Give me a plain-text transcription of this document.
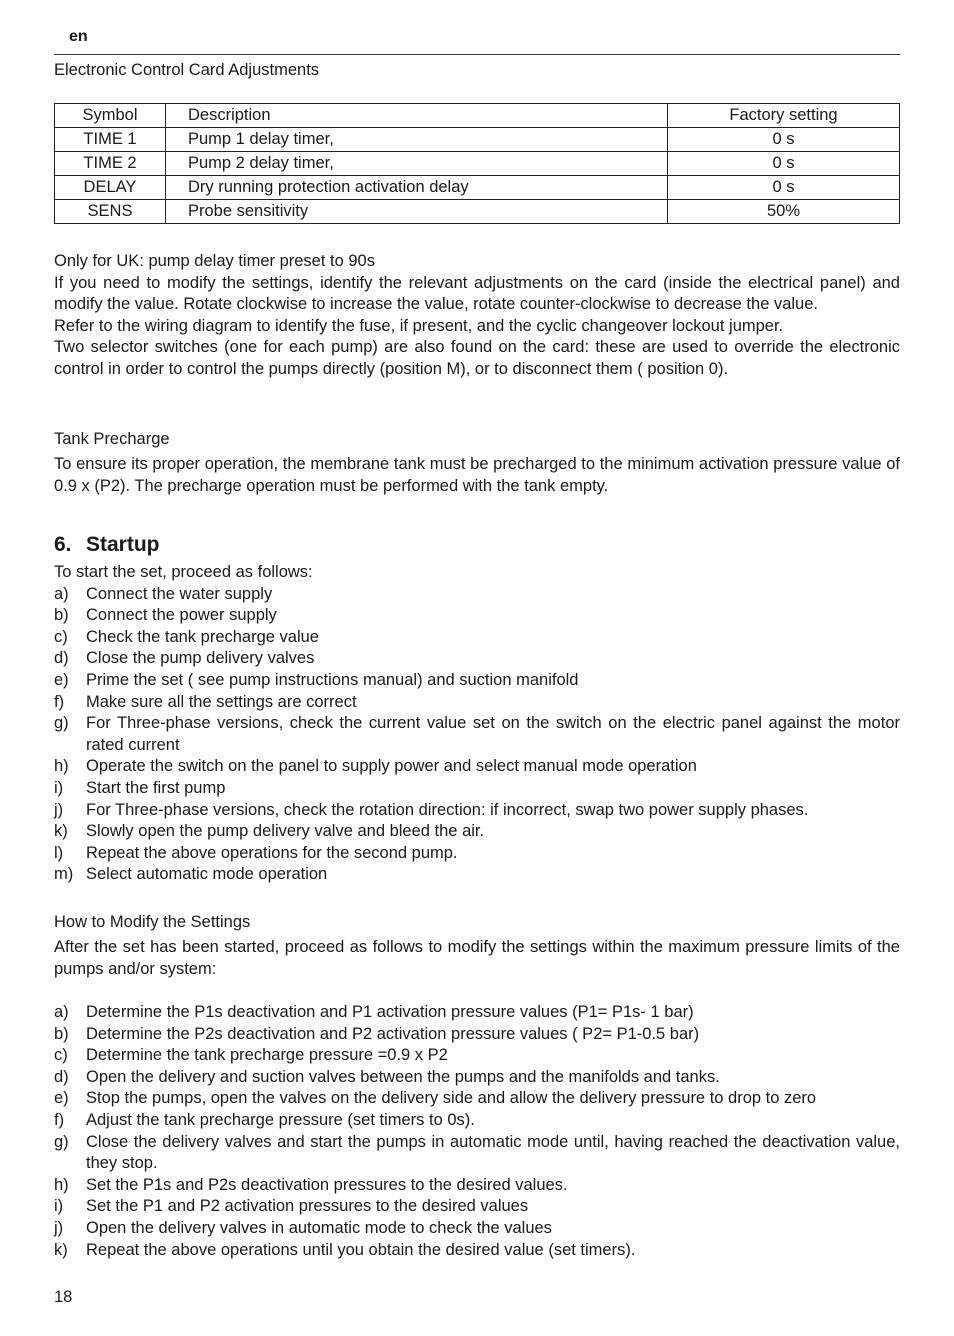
en
Electronic Control Card Adjustments
Symbol	Description	Factory setting
TIME 1	Pump 1 delay timer,	0 s
TIME 2	Pump 2 delay timer,	0 s
DELAY	Dry running protection activation delay	0 s
SENS	Probe sensitivity	50%

Only for UK: pump delay timer preset to 90s

If you need to modify the settings, identify the relevant adjustments on the card (inside the electrical panel) and modify the value. Rotate clockwise to increase the value, rotate counter-clockwise to decrease the value.

Refer to the wiring diagram to identify the fuse, if present, and the cyclic changeover lockout jumper.

Two selector switches (one for each pump) are also found on the card: these are used to override the electronic control in order to control the pumps directly (position M), or to disconnect them ( position 0).

Tank Precharge

To ensure its proper operation, the membrane tank must be precharged to the minimum activation pressure value of 0.9 x (P2). The precharge operation must be performed with the tank empty.

6. Startup

To start the set, proceed as follows:

a) Connect the water supply
b) Connect the power supply
c) Check the tank precharge value
d) Close the pump delivery valves
e) Prime the set ( see pump instructions manual) and suction manifold
f) Make sure all the settings are correct
g) For Three-phase versions, check the current value set on the switch on the electric panel against the motor rated current
h) Operate the switch on the panel to supply power and select manual mode operation
i) Start the first pump
j) For Three-phase versions, check the rotation direction: if incorrect, swap two power supply phases.
k) Slowly open the pump delivery valve and bleed the air.
l) Repeat the above operations for the second pump.
m) Select automatic mode operation
How to Modify the Settings

After the set has been started, proceed as follows to modify the settings within the maximum pressure limits of the pumps and/or system:

a) Determine the P1s deactivation and P1 activation pressure values (P1= P1s- 1 bar)
b) Determine the P2s deactivation and P2 activation pressure values ( P2= P1-0.5 bar)
c) Determine the tank precharge pressure =0.9 x P2
d) Open the delivery and suction valves between the pumps and the manifolds and tanks.
e) Stop the pumps, open the valves on the delivery side and allow the delivery pressure to drop to zero
f) Adjust the tank precharge pressure (set timers to 0s).
g) Close the delivery valves and start the pumps in automatic mode until, having reached the deactivation value, they stop.
h) Set the P1s and P2s deactivation pressures to the desired values.
i) Set the P1 and P2 activation pressures to the desired values
j) Open the delivery valves in automatic mode to check the values
k) Repeat the above operations until you obtain the desired value (set timers).
18
